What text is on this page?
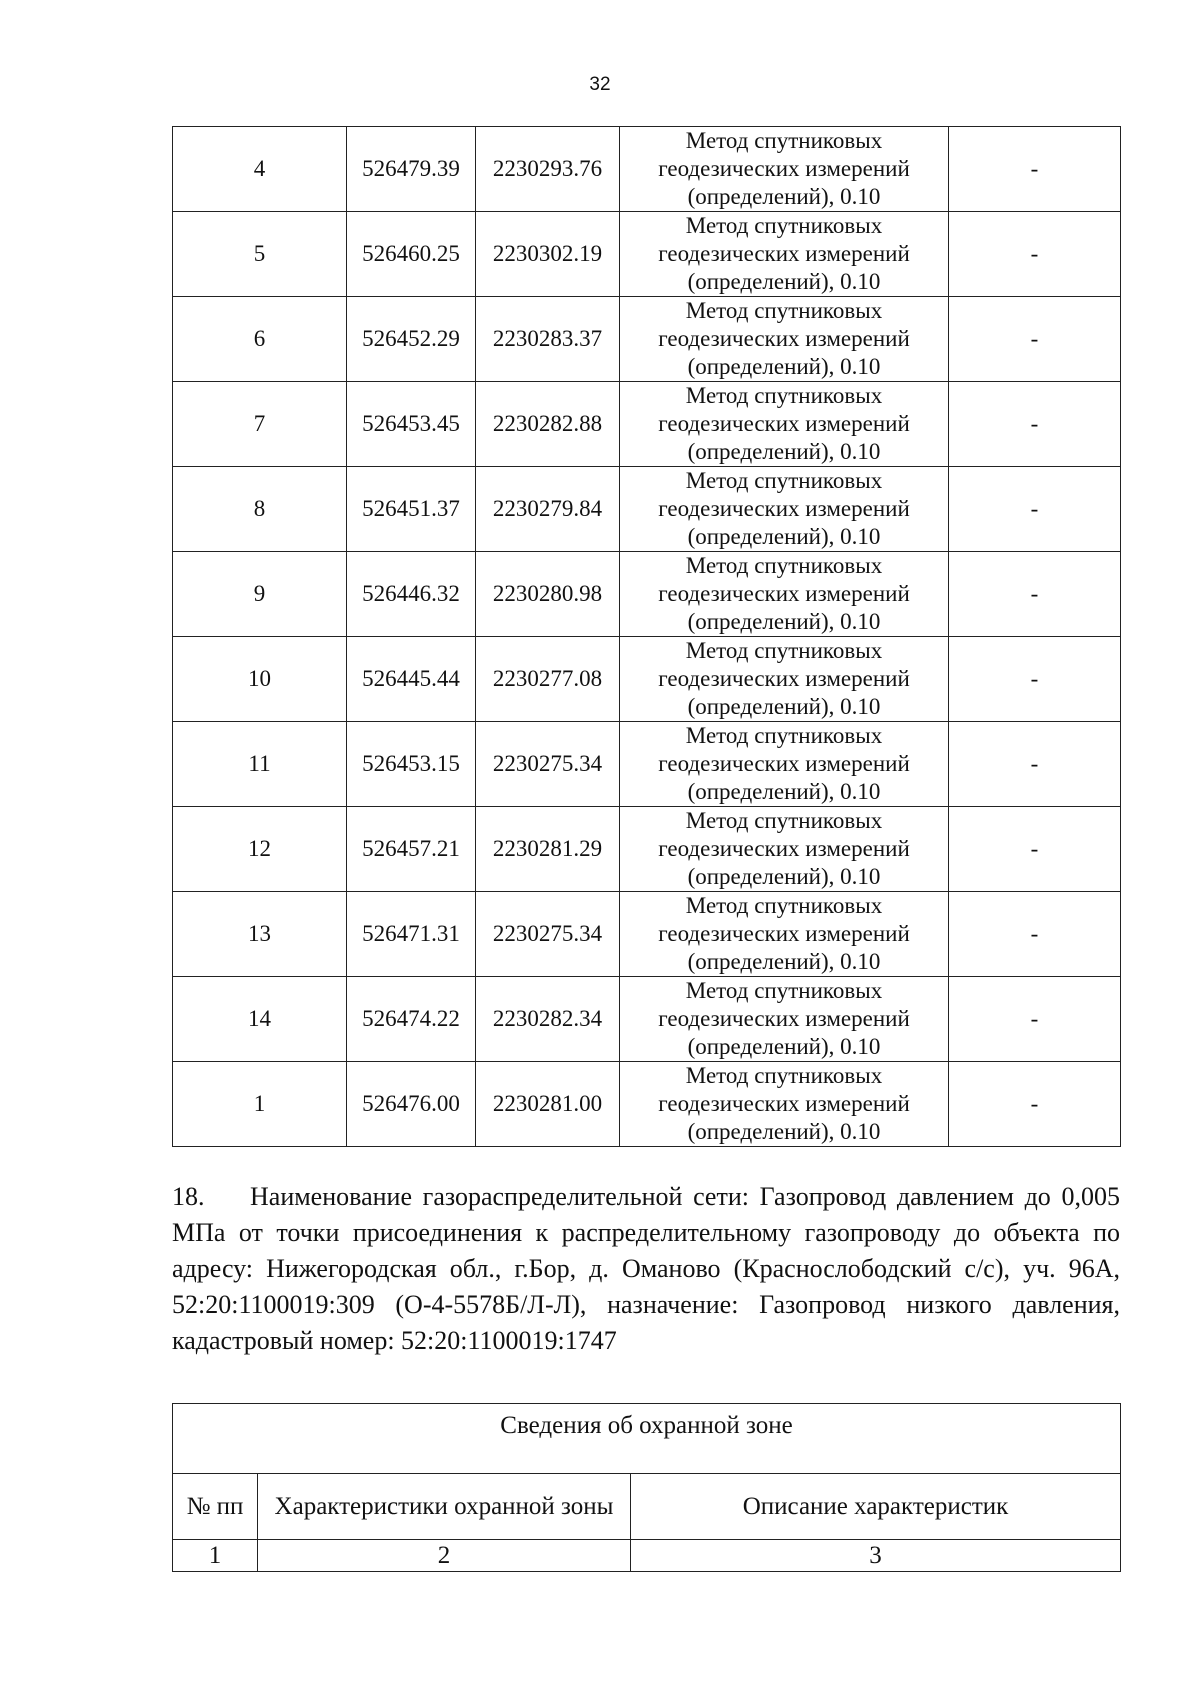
32
4	526479.39	2230293.76	Метод спутниковых
геодезических измерений
(определений), 0.10	-
5	526460.25	2230302.19	Метод спутниковых
геодезических измерений
(определений), 0.10	-
6	526452.29	2230283.37	Метод спутниковых
геодезических измерений
(определений), 0.10	-
7	526453.45	2230282.88	Метод спутниковых
геодезических измерений
(определений), 0.10	-
8	526451.37	2230279.84	Метод спутниковых
геодезических измерений
(определений), 0.10	-
9	526446.32	2230280.98	Метод спутниковых
геодезических измерений
(определений), 0.10	-
10	526445.44	2230277.08	Метод спутниковых
геодезических измерений
(определений), 0.10	-
11	526453.15	2230275.34	Метод спутниковых
геодезических измерений
(определений), 0.10	-
12	526457.21	2230281.29	Метод спутниковых
геодезических измерений
(определений), 0.10	-
13	526471.31	2230275.34	Метод спутниковых
геодезических измерений
(определений), 0.10	-
14	526474.22	2230282.34	Метод спутниковых
геодезических измерений
(определений), 0.10	-
1	526476.00	2230281.00	Метод спутниковых
геодезических измерений
(определений), 0.10	-

18. Наименование газораспределительной сети: Газопровод давлением до 0,005 МПа от точки присоединения к распределительному газопроводу до объекта по адресу: Нижегородская обл., г.Бор, д. Оманово (Краснослободский с/с), уч. 96А, 52:20:1100019:309 (О-4-5578Б/Л-Л), назначение: Газопровод низкого давления, кадастровый номер: 52:20:1100019:1747

Сведения об охранной зоне		
№ пп	Характеристики охранной зоны	Описание характеристик
1	2	3
